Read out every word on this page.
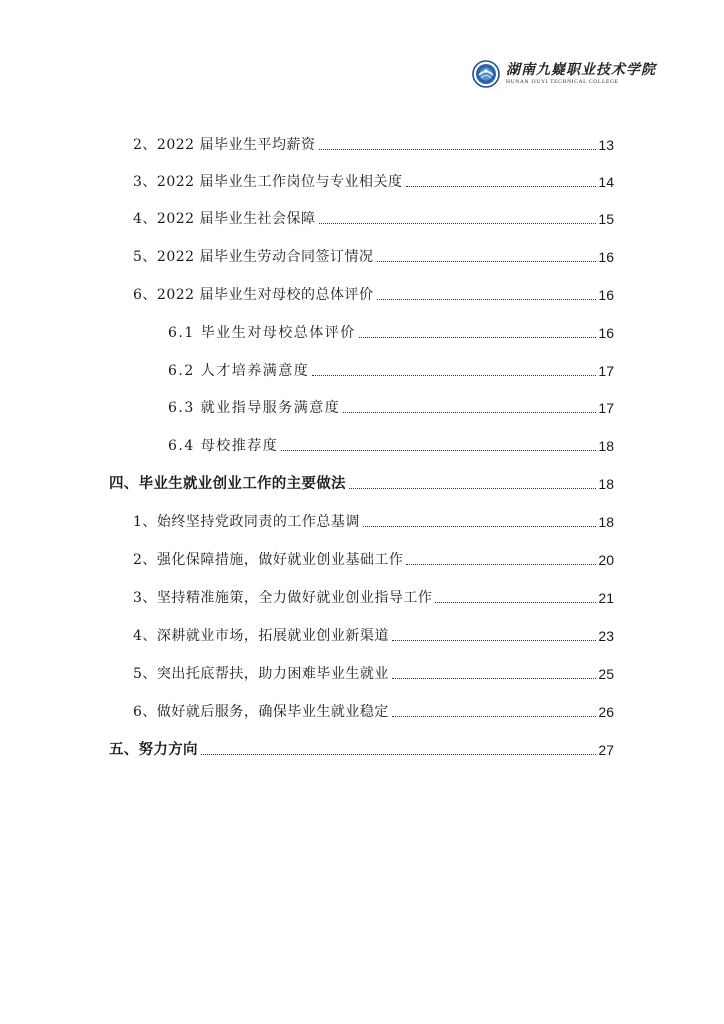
湖南九嶷职业技术学院
HUNAN JIUYI TECHNICAL COLLEGE
2、2022 届毕业生平均薪资	13
3、2022 届毕业生工作岗位与专业相关度	14
4、2022 届毕业生社会保障	15
5、2022 届毕业生劳动合同签订情况	16
6、2022 届毕业生对母校的总体评价	16
6.1 毕业生对母校总体评价	16
6.2 人才培养满意度	17
6.3 就业指导服务满意度	17
6.4 母校推荐度	18
四、毕业生就业创业工作的主要做法	18
1、始终坚持党政同责的工作总基调	18
2、强化保障措施，做好就业创业基础工作	20
3、坚持精准施策，全力做好就业创业指导工作	21
4、深耕就业市场，拓展就业创业新渠道	23
5、突出托底帮扶，助力困难毕业生就业	25
6、做好就后服务，确保毕业生就业稳定	26
五、努力方向	27
